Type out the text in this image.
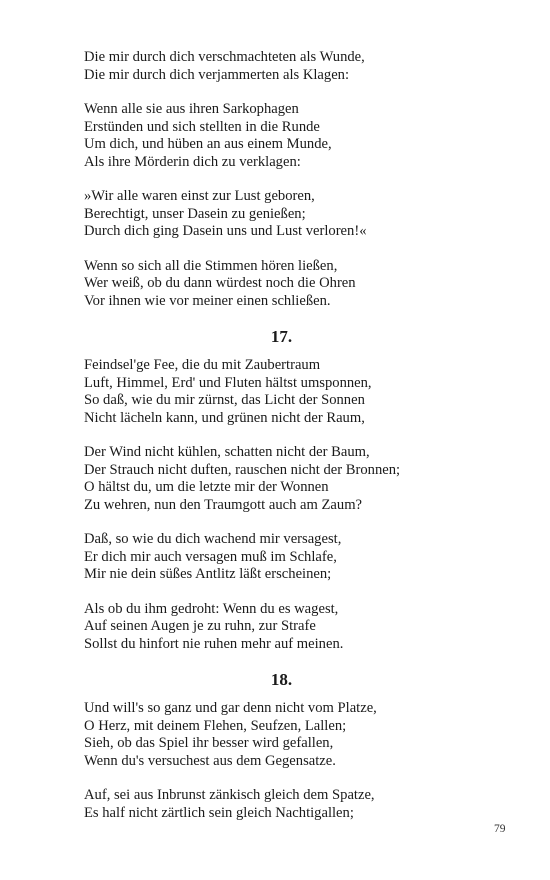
Die mir durch dich verschmachteten als Wunde,
Die mir durch dich verjammerten als Klagen:
Wenn alle sie aus ihren Sarkophagen
Erstünden und sich stellten in die Runde
Um dich, und hüben an aus einem Munde,
Als ihre Mörderin dich zu verklagen:
»Wir alle waren einst zur Lust geboren,
Berechtigt, unser Dasein zu genießen;
Durch dich ging Dasein uns und Lust verloren!«
Wenn so sich all die Stimmen hören ließen,
Wer weiß, ob du dann würdest noch die Ohren
Vor ihnen wie vor meiner einen schließen.
17.
Feindsel'ge Fee, die du mit Zaubertraum
Luft, Himmel, Erd' und Fluten hältst umsponnen,
So daß, wie du mir zürnst, das Licht der Sonnen
Nicht lächeln kann, und grünen nicht der Raum,
Der Wind nicht kühlen, schatten nicht der Baum,
Der Strauch nicht duften, rauschen nicht der Bronnen;
O hältst du, um die letzte mir der Wonnen
Zu wehren, nun den Traumgott auch am Zaum?
Daß, so wie du dich wachend mir versagest,
Er dich mir auch versagen muß im Schlafe,
Mir nie dein süßes Antlitz läßt erscheinen;
Als ob du ihm gedroht: Wenn du es wagest,
Auf seinen Augen je zu ruhn, zur Strafe
Sollst du hinfort nie ruhen mehr auf meinen.
18.
Und will's so ganz und gar denn nicht vom Platze,
O Herz, mit deinem Flehen, Seufzen, Lallen;
Sieh, ob das Spiel ihr besser wird gefallen,
Wenn du's versuchest aus dem Gegensatze.
Auf, sei aus Inbrunst zänkisch gleich dem Spatze,
Es half nicht zärtlich sein gleich Nachtigallen;
79
